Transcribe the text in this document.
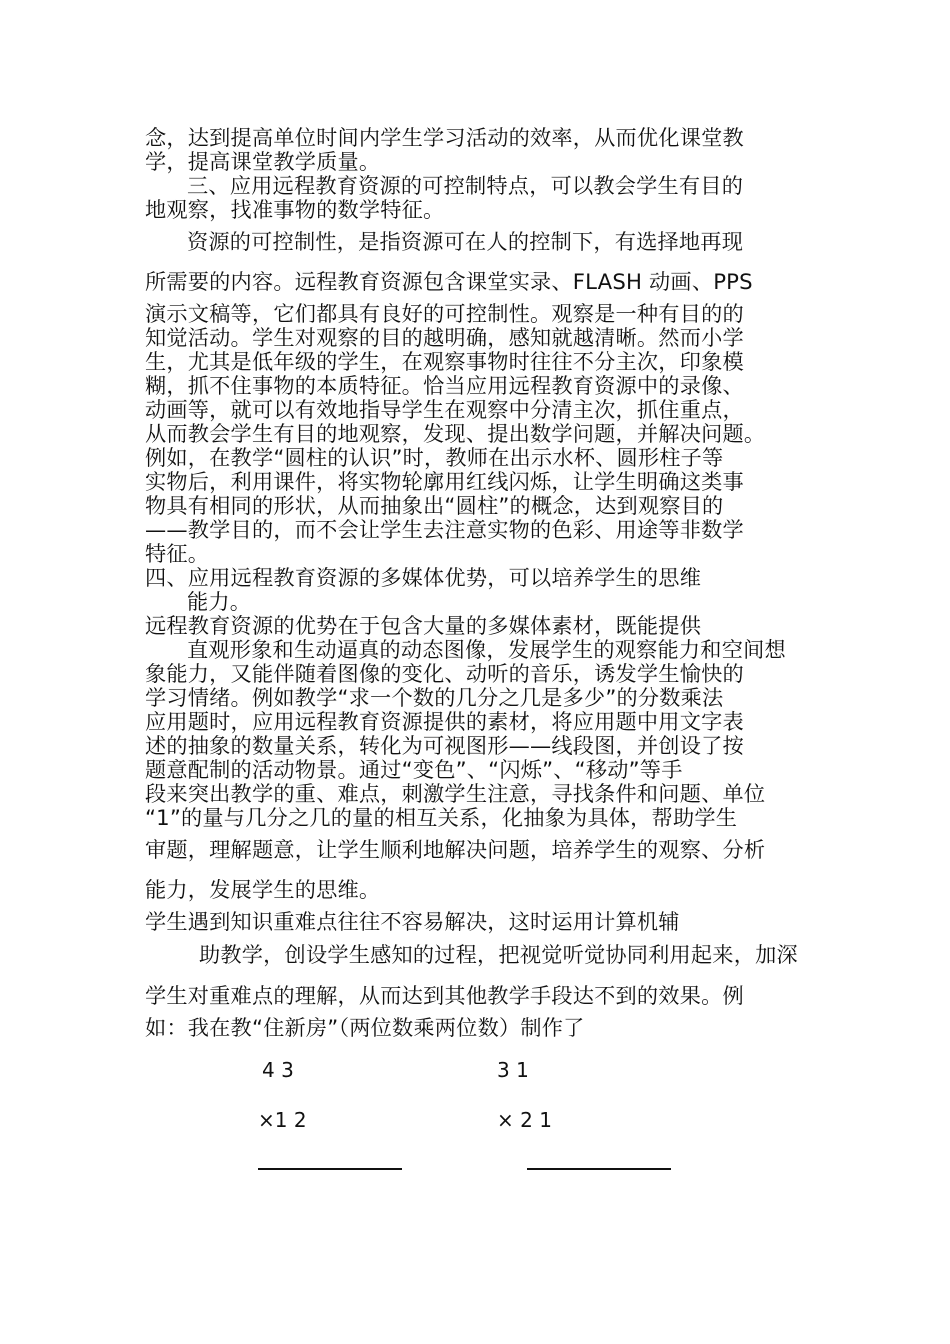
念，达到提高单位时间内学生学习活动的效率，从而优化课堂教
学，提高课堂教学质量。
三、应用远程教育资源的可控制特点，可以教会学生有目的
地观察，找准事物的数学特征。
资源的可控制性，是指资源可在人的控制下，有选择地再现
所需要的内容。远程教育资源包含课堂实录、FLASH 动画、PPS
演示文稿等，它们都具有良好的可控制性。观察是一种有目的的
知觉活动。学生对观察的目的越明确，感知就越清晰。然而小学
生，尤其是低年级的学生，在观察事物时往往不分主次，印象模
糊，抓不住事物的本质特征。恰当应用远程教育资源中的录像、
动画等，就可以有效地指导学生在观察中分清主次，抓住重点，
从而教会学生有目的地观察，发现、提出数学问题，并解决问题。
例如，在教学“圆柱的认识”时，教师在出示水杯、圆形柱子等
实物后，利用课件，将实物轮廓用红线闪烁，让学生明确这类事
物具有相同的形状，从而抽象出“圆柱”的概念，达到观察目的
——教学目的，而不会让学生去注意实物的色彩、用途等非数学
特征。
四、应用远程教育资源的多媒体优势，可以培养学生的思维
能力。
远程教育资源的优势在于包含大量的多媒体素材，既能提供
直观形象和生动逼真的动态图像，发展学生的观察能力和空间想
象能力，又能伴随着图像的变化、动听的音乐，诱发学生愉快的
学习情绪。例如教学“求一个数的几分之几是多少”的分数乘法
应用题时，应用远程教育资源提供的素材，将应用题中用文字表
述的抽象的数量关系，转化为可视图形——线段图，并创设了按
题意配制的活动物景。通过“变色”、“闪烁”、“移动”等手
段来突出教学的重、难点，刺激学生注意，寻找条件和问题、单位
“1”的量与几分之几的量的相互关系，化抽象为具体，帮助学生
审题，理解题意，让学生顺利地解决问题，培养学生的观察、分析
能力，发展学生的思维。
学生遇到知识重难点往往不容易解决，这时运用计算机辅
助教学，创设学生感知的过程，把视觉听觉协同利用起来，加深
学生对重难点的理解，从而达到其他教学手段达不到的效果。例
如：我在教“住新房”（两位数乘两位数）制作了
4 3
×1 2
3 1
× 2 1
